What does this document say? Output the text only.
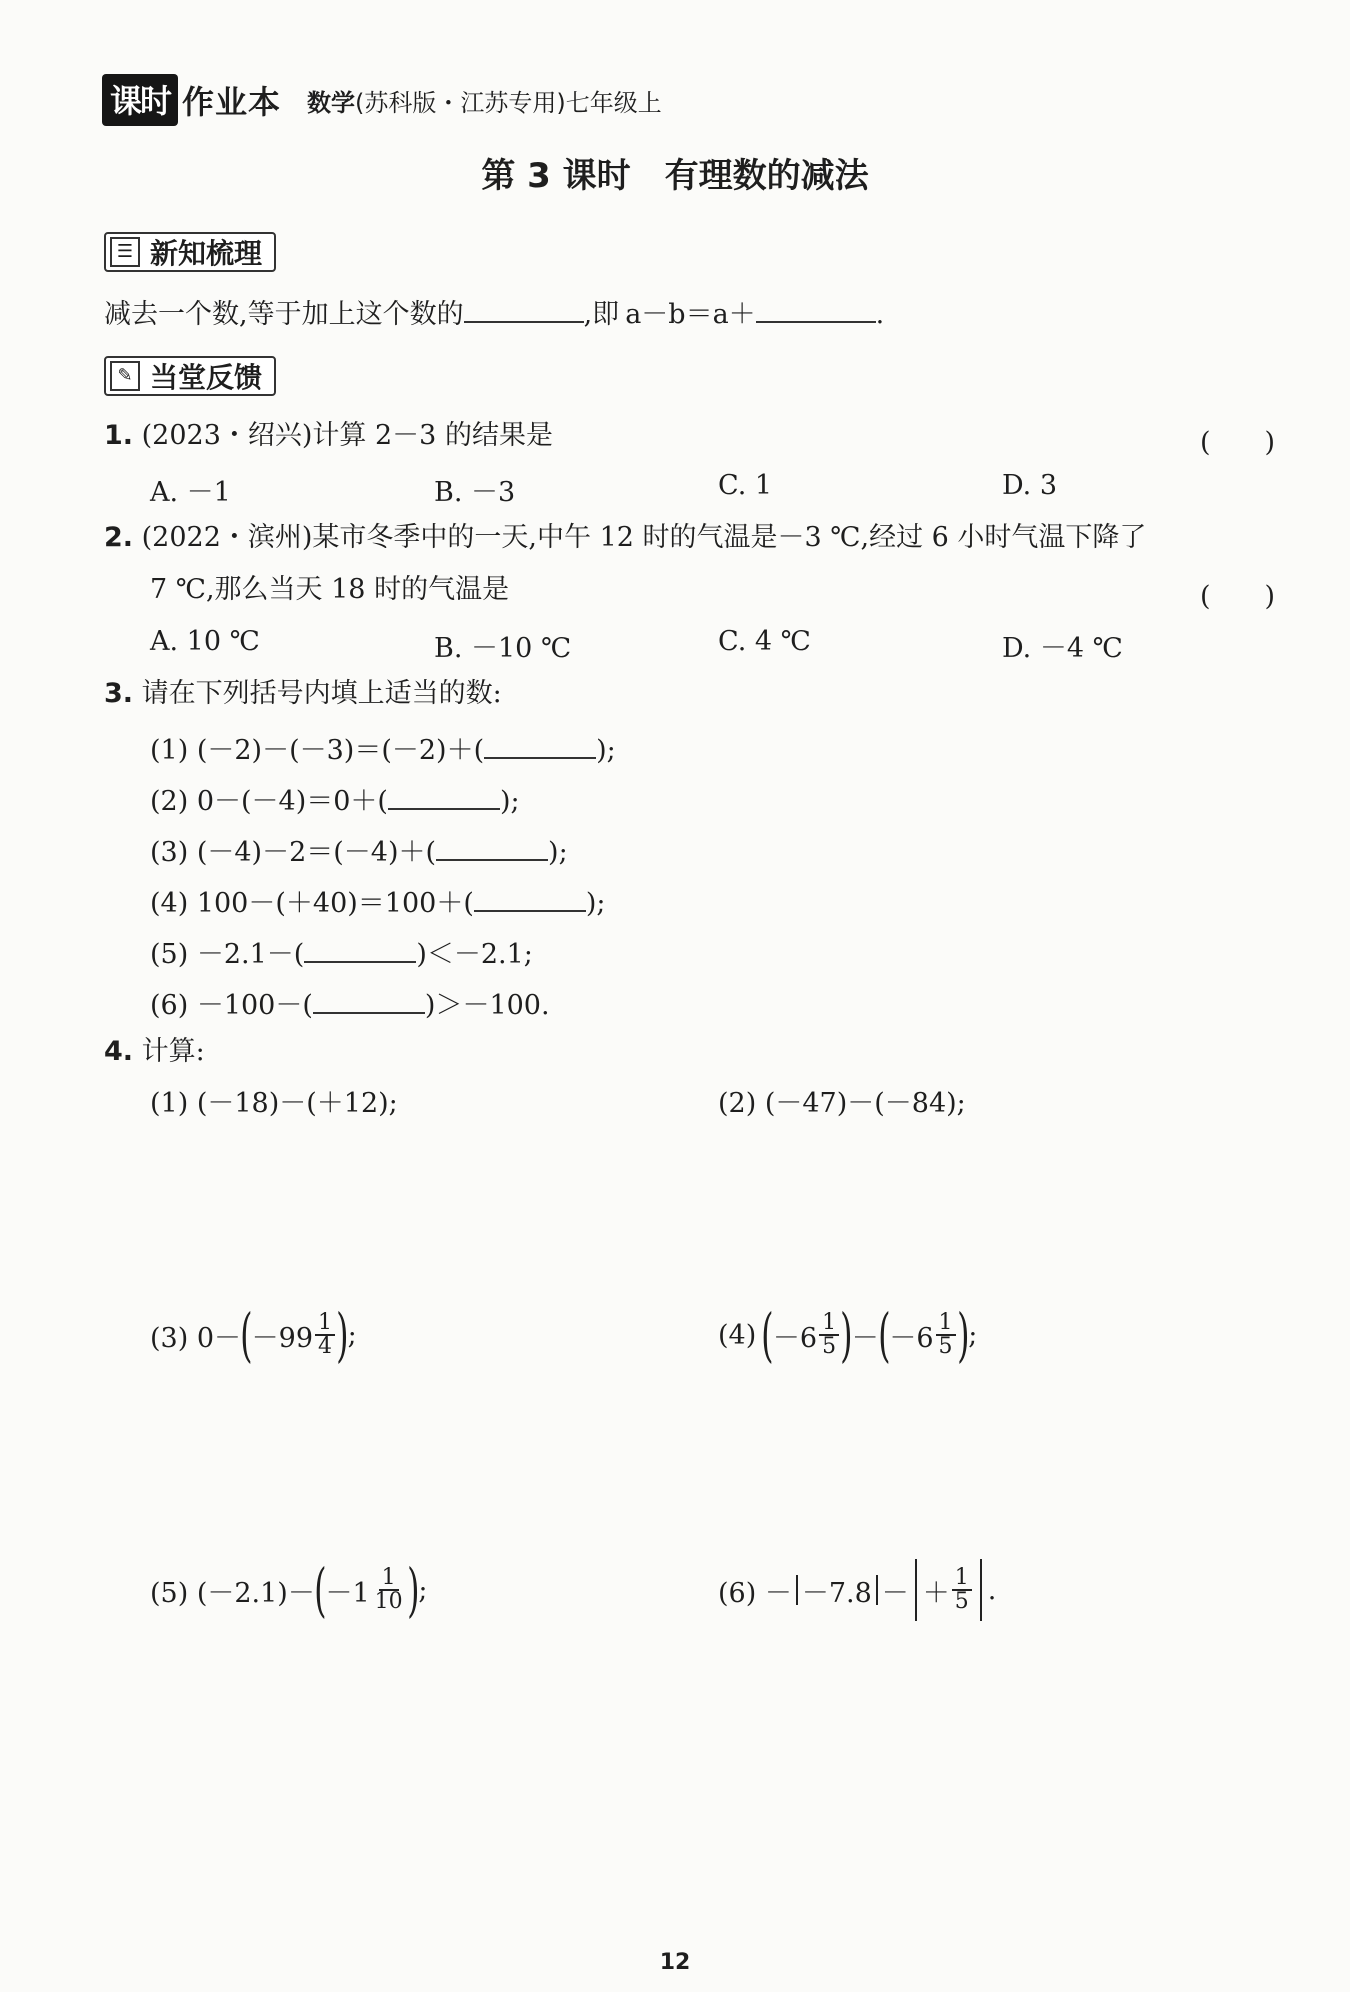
课时 作业本 数学(苏科版・江苏专用)七年级上
第 3 课时　有理数的减法
☰ 新知梳理
减去一个数,等于加上这个数的	,即 a－b＝a＋	.
✎ 当堂反馈
1. (2023・绍兴)计算 2－3 的结果是	(　　)
A. －1	B. －3	C. 1	D. 3
2. (2022・滨州)某市冬季中的一天,中午 12 时的气温是－3 ℃,经过 6 小时气温下降了
7 ℃,那么当天 18 时的气温是	(　　)
A. 10 ℃	B. －10 ℃	C. 4 ℃	D. －4 ℃
3. 请在下列括号内填上适当的数:
(1) (－2)－(－3)＝(－2)＋(	);
(2) 0－(－4)＝0＋(	);
(3) (－4)－2＝(－4)＋(	);
(4) 100－(＋40)＝100＋(	);
(5) －2.1－(	)＜－2.1;
(6) －100－(	)＞－100.
4. 计算:
(1) (－18)－(＋12);	(2) (－47)－(－84);
(3) 0－ ( $-99 \frac{1}{4}$ ) ;	(4) ( $-6 \frac{1}{5}$ ) － ( $-6 \frac{1}{5}$ ) ;
(5) (－2.1)－ ( $-1 \frac{1}{10}$ ) ;	(6) － －7.8 － ＋ $\frac{1}{5}$ .
12
